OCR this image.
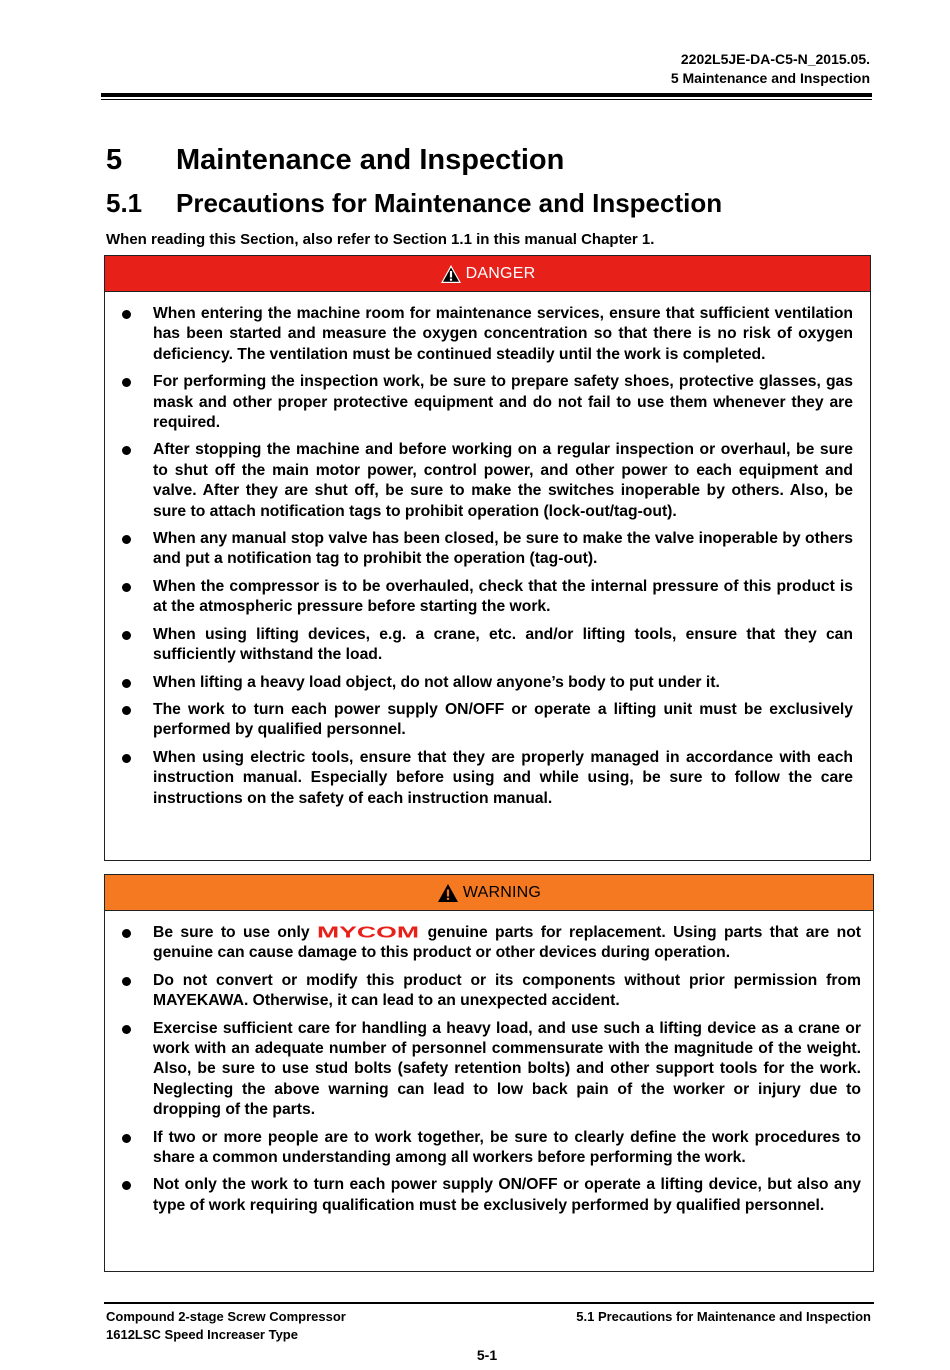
2202L5JE-DA-C5-N_2015.05.
5 Maintenance and Inspection
5 Maintenance and Inspection
5.1 Precautions for Maintenance and Inspection
When reading this Section, also refer to Section 1.1 in this manual Chapter 1.
DANGER
When entering the machine room for maintenance services, ensure that sufficient ventilation has been started and measure the oxygen concentration so that there is no risk of oxygen deficiency. The ventilation must be continued steadily until the work is completed.
For performing the inspection work, be sure to prepare safety shoes, protective glasses, gas mask and other proper protective equipment and do not fail to use them whenever they are required.
After stopping the machine and before working on a regular inspection or overhaul, be sure to shut off the main motor power, control power, and other power to each equipment and valve. After they are shut off, be sure to make the switches inoperable by others. Also, be sure to attach notification tags to prohibit operation (lock-out/tag-out).
When any manual stop valve has been closed, be sure to make the valve inoperable by others and put a notification tag to prohibit the operation (tag-out).
When the compressor is to be overhauled, check that the internal pressure of this product is at the atmospheric pressure before starting the work.
When using lifting devices, e.g. a crane, etc. and/or lifting tools, ensure that they can sufficiently withstand the load.
When lifting a heavy load object, do not allow anyone’s body to put under it.
The work to turn each power supply ON/OFF or operate a lifting unit must be exclusively performed by qualified personnel.
When using electric tools, ensure that they are properly managed in accordance with each instruction manual. Especially before using and while using, be sure to follow the care instructions on the safety of each instruction manual.
WARNING
Be sure to use only MYCOM genuine parts for replacement. Using parts that are not genuine can cause damage to this product or other devices during operation.
Do not convert or modify this product or its components without prior permission from MAYEKAWA. Otherwise, it can lead to an unexpected accident.
Exercise sufficient care for handling a heavy load, and use such a lifting device as a crane or work with an adequate number of personnel commensurate with the magnitude of the weight. Also, be sure to use stud bolts (safety retention bolts) and other support tools for the work. Neglecting the above warning can lead to low back pain of the worker or injury due to dropping of the parts.
If two or more people are to work together, be sure to clearly define the work procedures to share a common understanding among all workers before performing the work.
Not only the work to turn each power supply ON/OFF or operate a lifting device, but also any type of work requiring qualification must be exclusively performed by qualified personnel.
Compound 2-stage Screw Compressor
1612LSC Speed Increaser Type
5.1 Precautions for Maintenance and Inspection
5-1
